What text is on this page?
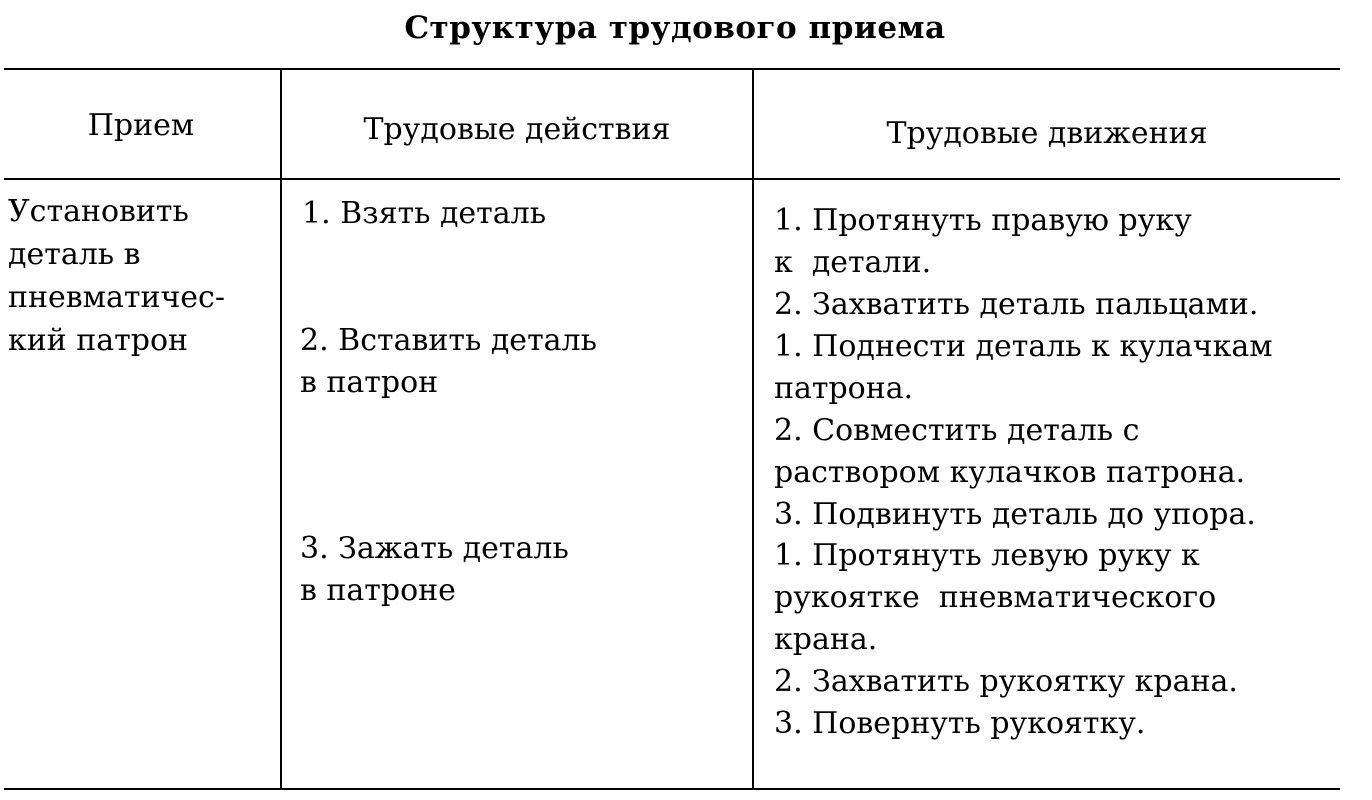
Структура трудового приема
Прием	Трудовые действия	Трудовые движения
Установить
деталь в
пневматичес-
кий патрон
1. Взять деталь
2. Вставить деталь
в патрон
3. Зажать деталь
в патроне
1. Протянуть правую руку
к  детали.
2. Захватить деталь пальцами.
1. Поднести деталь к кулачкам
патрона.
2. Совместить деталь с
раствором кулачков патрона.
3. Подвинуть деталь до упора.
1. Протянуть левую руку к
рукоятке  пневматического
крана.
2. Захватить рукоятку крана.
3. Повернуть рукоятку.
